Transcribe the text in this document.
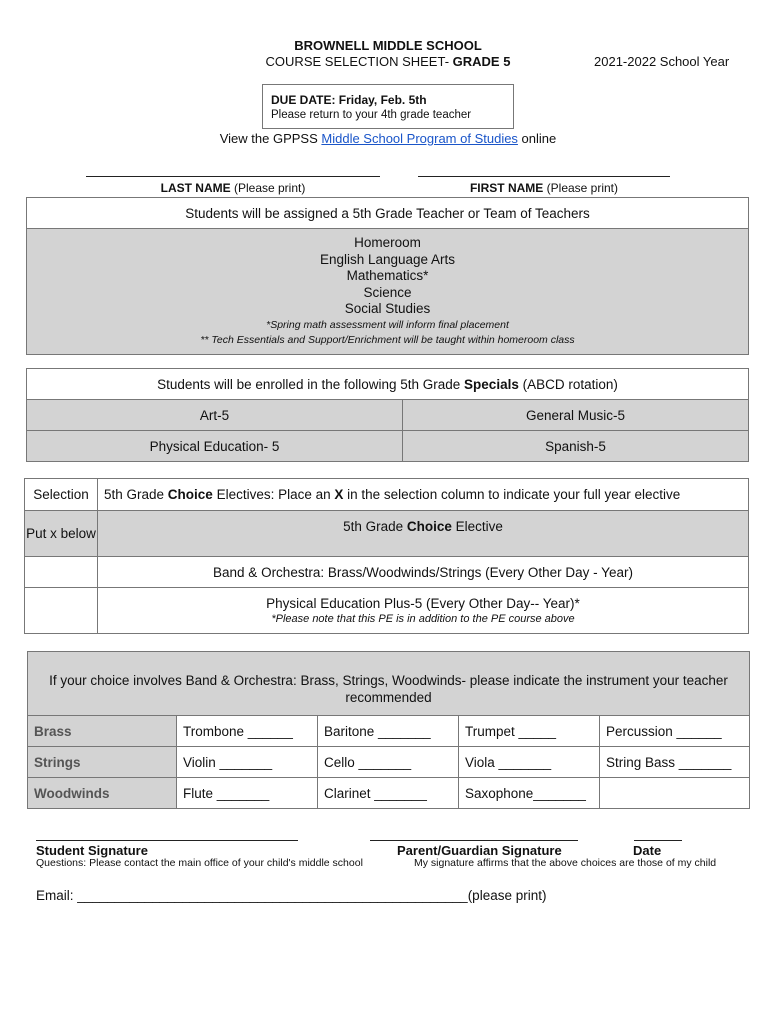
BROWNELL MIDDLE SCHOOL
COURSE SELECTION SHEET- GRADE 5	2021-2022 School Year
DUE DATE: Friday, Feb. 5th
Please return to your 4th grade teacher
View the GPPSS Middle School Program of Studies online
LAST NAME (Please print)	FIRST NAME (Please print)
Students will be assigned a 5th Grade Teacher or Team of Teachers

Homeroom
English Language Arts
Mathematics*
Science
Social Studies
*Spring math assessment will inform final placement
** Tech Essentials and Support/Enrichment will be taught within homeroom class
Students will be enrolled in the following 5th Grade Specials (ABCD rotation)	
Art-5	General Music-5
Physical Education- 5	Spanish-5
Selection	5th Grade Choice Electives: Place an X in the selection column to indicate your full year elective
Put x below	5th Grade Choice Elective
	Band & Orchestra: Brass/Woodwinds/Strings (Every Other Day - Year)

	Physical Education Plus-5 (Every Other Day-- Year)*
*Please note that this PE is in addition to the PE course above
If your choice involves Band & Orchestra: Brass, Strings, Woodwinds- please indicate the instrument your teacher recommended				
Brass	Trombone ______	Baritone _______	Trumpet _____	Percussion ______
Strings	Violin _______	Cello _______	Viola _______	String Bass _______
Woodwinds	Flute _______	Clarinet _______	Saxophone_______	
Student Signature	Parent/Guardian Signature	Date
Questions: Please contact the main office of your child's middle school	My signature affirms that the above choices are those of my child
Email: ____________________________________________________(please print)
